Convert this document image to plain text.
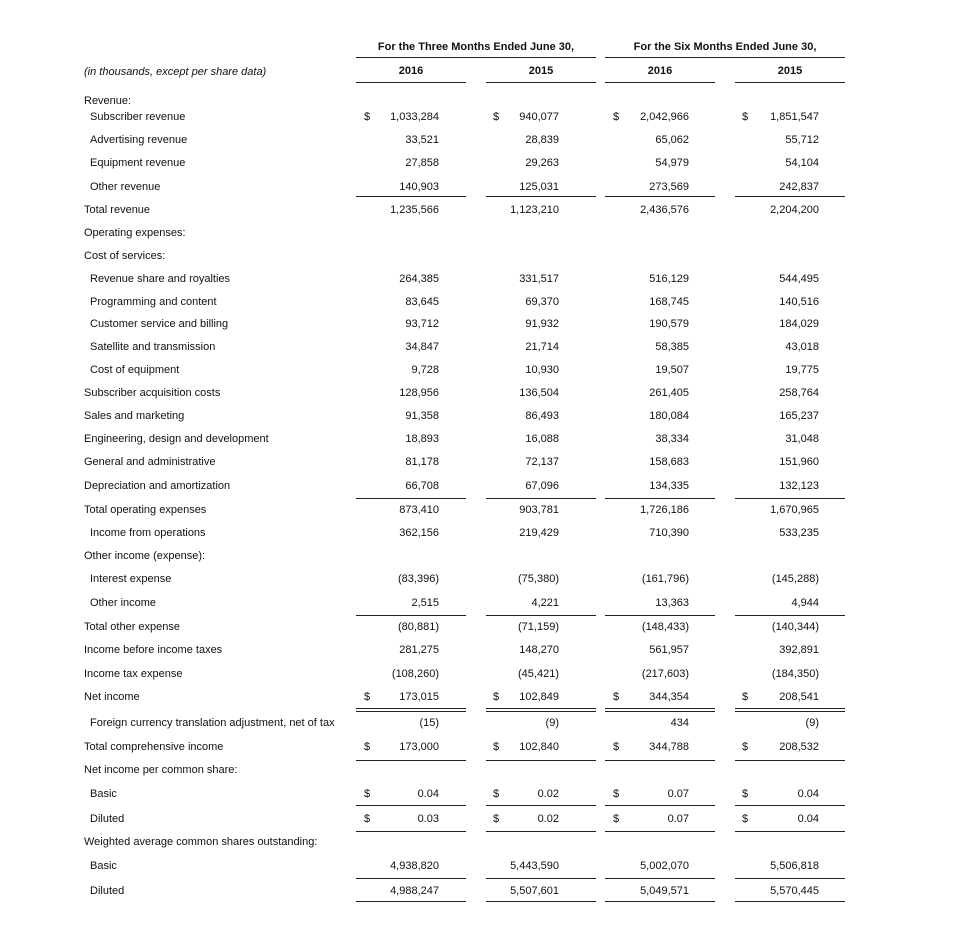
For the Three Months Ended June 30,	For the Six Months Ended June 30,
(in thousands, except per share data)	2016	2015	2016	2015
Revenue:
Subscriber revenue	$	1,033,284	$	940,077	$	2,042,966	$	1,851,547
Advertising revenue	33,521	28,839	65,062	55,712
Equipment revenue	27,858	29,263	54,979	54,104
Other revenue	140,903	125,031	273,569	242,837
Total revenue	1,235,566	1,123,210	2,436,576	2,204,200
Operating expenses:
Cost of services:
Revenue share and royalties	264,385	331,517	516,129	544,495
Programming and content	83,645	69,370	168,745	140,516
Customer service and billing	93,712	91,932	190,579	184,029
Satellite and transmission	34,847	21,714	58,385	43,018
Cost of equipment	9,728	10,930	19,507	19,775
Subscriber acquisition costs	128,956	136,504	261,405	258,764
Sales and marketing	91,358	86,493	180,084	165,237
Engineering, design and development	18,893	16,088	38,334	31,048
General and administrative	81,178	72,137	158,683	151,960
Depreciation and amortization	66,708	67,096	134,335	132,123
Total operating expenses	873,410	903,781	1,726,186	1,670,965
Income from operations	362,156	219,429	710,390	533,235
Other income (expense):
Interest expense	(83,396)	(75,380)	(161,796)	(145,288)
Other income	2,515	4,221	13,363	4,944
Total other expense	(80,881)	(71,159)	(148,433)	(140,344)
Income before income taxes	281,275	148,270	561,957	392,891
Income tax expense	(108,260)	(45,421)	(217,603)	(184,350)
Net income	$	173,015	$	102,849	$	344,354	$	208,541
Foreign currency translation adjustment, net of tax	(15)	(9)	434	(9)
Total comprehensive income	$	173,000	$	102,840	$	344,788	$	208,532
Net income per common share:
Basic	$	0.04	$	0.02	$	0.07	$	0.04
Diluted	$	0.03	$	0.02	$	0.07	$	0.04
Weighted average common shares outstanding:
Basic	4,938,820	5,443,590	5,002,070	5,506,818
Diluted	4,988,247	5,507,601	5,049,571	5,570,445
